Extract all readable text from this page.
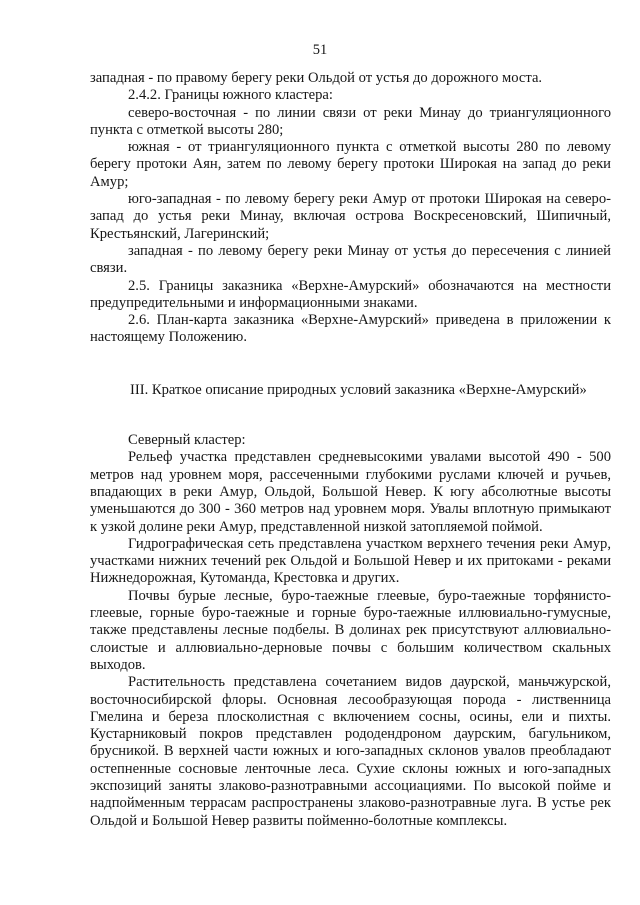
51

западная - по правому берегу реки Ольдой от устья до дорожного моста.

2.4.2. Границы южного кластера:

северо-восточная - по линии связи от реки Минау до триангуляционного пункта с отметкой высоты 280;

южная - от триангуляционного пункта с отметкой высоты 280 по левому берегу протоки Аян, затем по левому берегу протоки Широкая на запад до реки Амур;

юго-западная - по левому берегу реки Амур от протоки Широкая на северо-запад до устья реки Минау, включая острова Воскресеновский, Шипичный, Крестьянский, Лагеринский;

западная - по левому берегу реки Минау от устья до пересечения с линией связи.

2.5. Границы заказника «Верхне-Амурский» обозначаются на местности предупредительными и информационными знаками.

2.6. План-карта заказника «Верхне-Амурский» приведена в приложении к настоящему Положению.

III. Краткое описание природных условий заказника «Верхне-Амурский»

Северный кластер:

Рельеф участка представлен средневысокими увалами высотой 490 - 500 метров над уровнем моря, рассеченными глубокими руслами ключей и ручьев, впадающих в реки Амур, Ольдой, Большой Невер. К югу абсолютные высоты уменьшаются до 300 - 360 метров над уровнем моря. Увалы вплотную примыкают к узкой долине реки Амур, представленной низкой затопляемой поймой.

Гидрографическая сеть представлена участком верхнего течения реки Амур, участками нижних течений рек Ольдой и Большой Невер и их притоками - реками Нижнедорожная, Кутоманда, Крестовка и других.

Почвы бурые лесные, буро-таежные глеевые, буро-таежные торфянисто-глеевые, горные буро-таежные и горные буро-таежные иллювиально-гумусные, также представлены лесные подбелы. В долинах рек присутствуют аллювиально-слоистые и аллювиально-дерновые почвы с большим количеством скальных выходов.

Растительность представлена сочетанием видов даурской, маньчжурской, восточносибирской флоры. Основная лесообразующая порода - лиственница Гмелина и береза плосколистная с включением сосны, осины, ели и пихты. Кустарниковый покров представлен рододендроном даурским, багульником, брусникой. В верхней части южных и юго-западных склонов увалов преобладают остепненные сосновые ленточные леса. Сухие склоны южных и юго-западных экспозиций заняты злаково-разнотравными ассоциациями. По высокой пойме и надпойменным террасам распространены злаково-разнотравные луга. В устье рек Ольдой и Большой Невер развиты пойменно-болотные комплексы.
